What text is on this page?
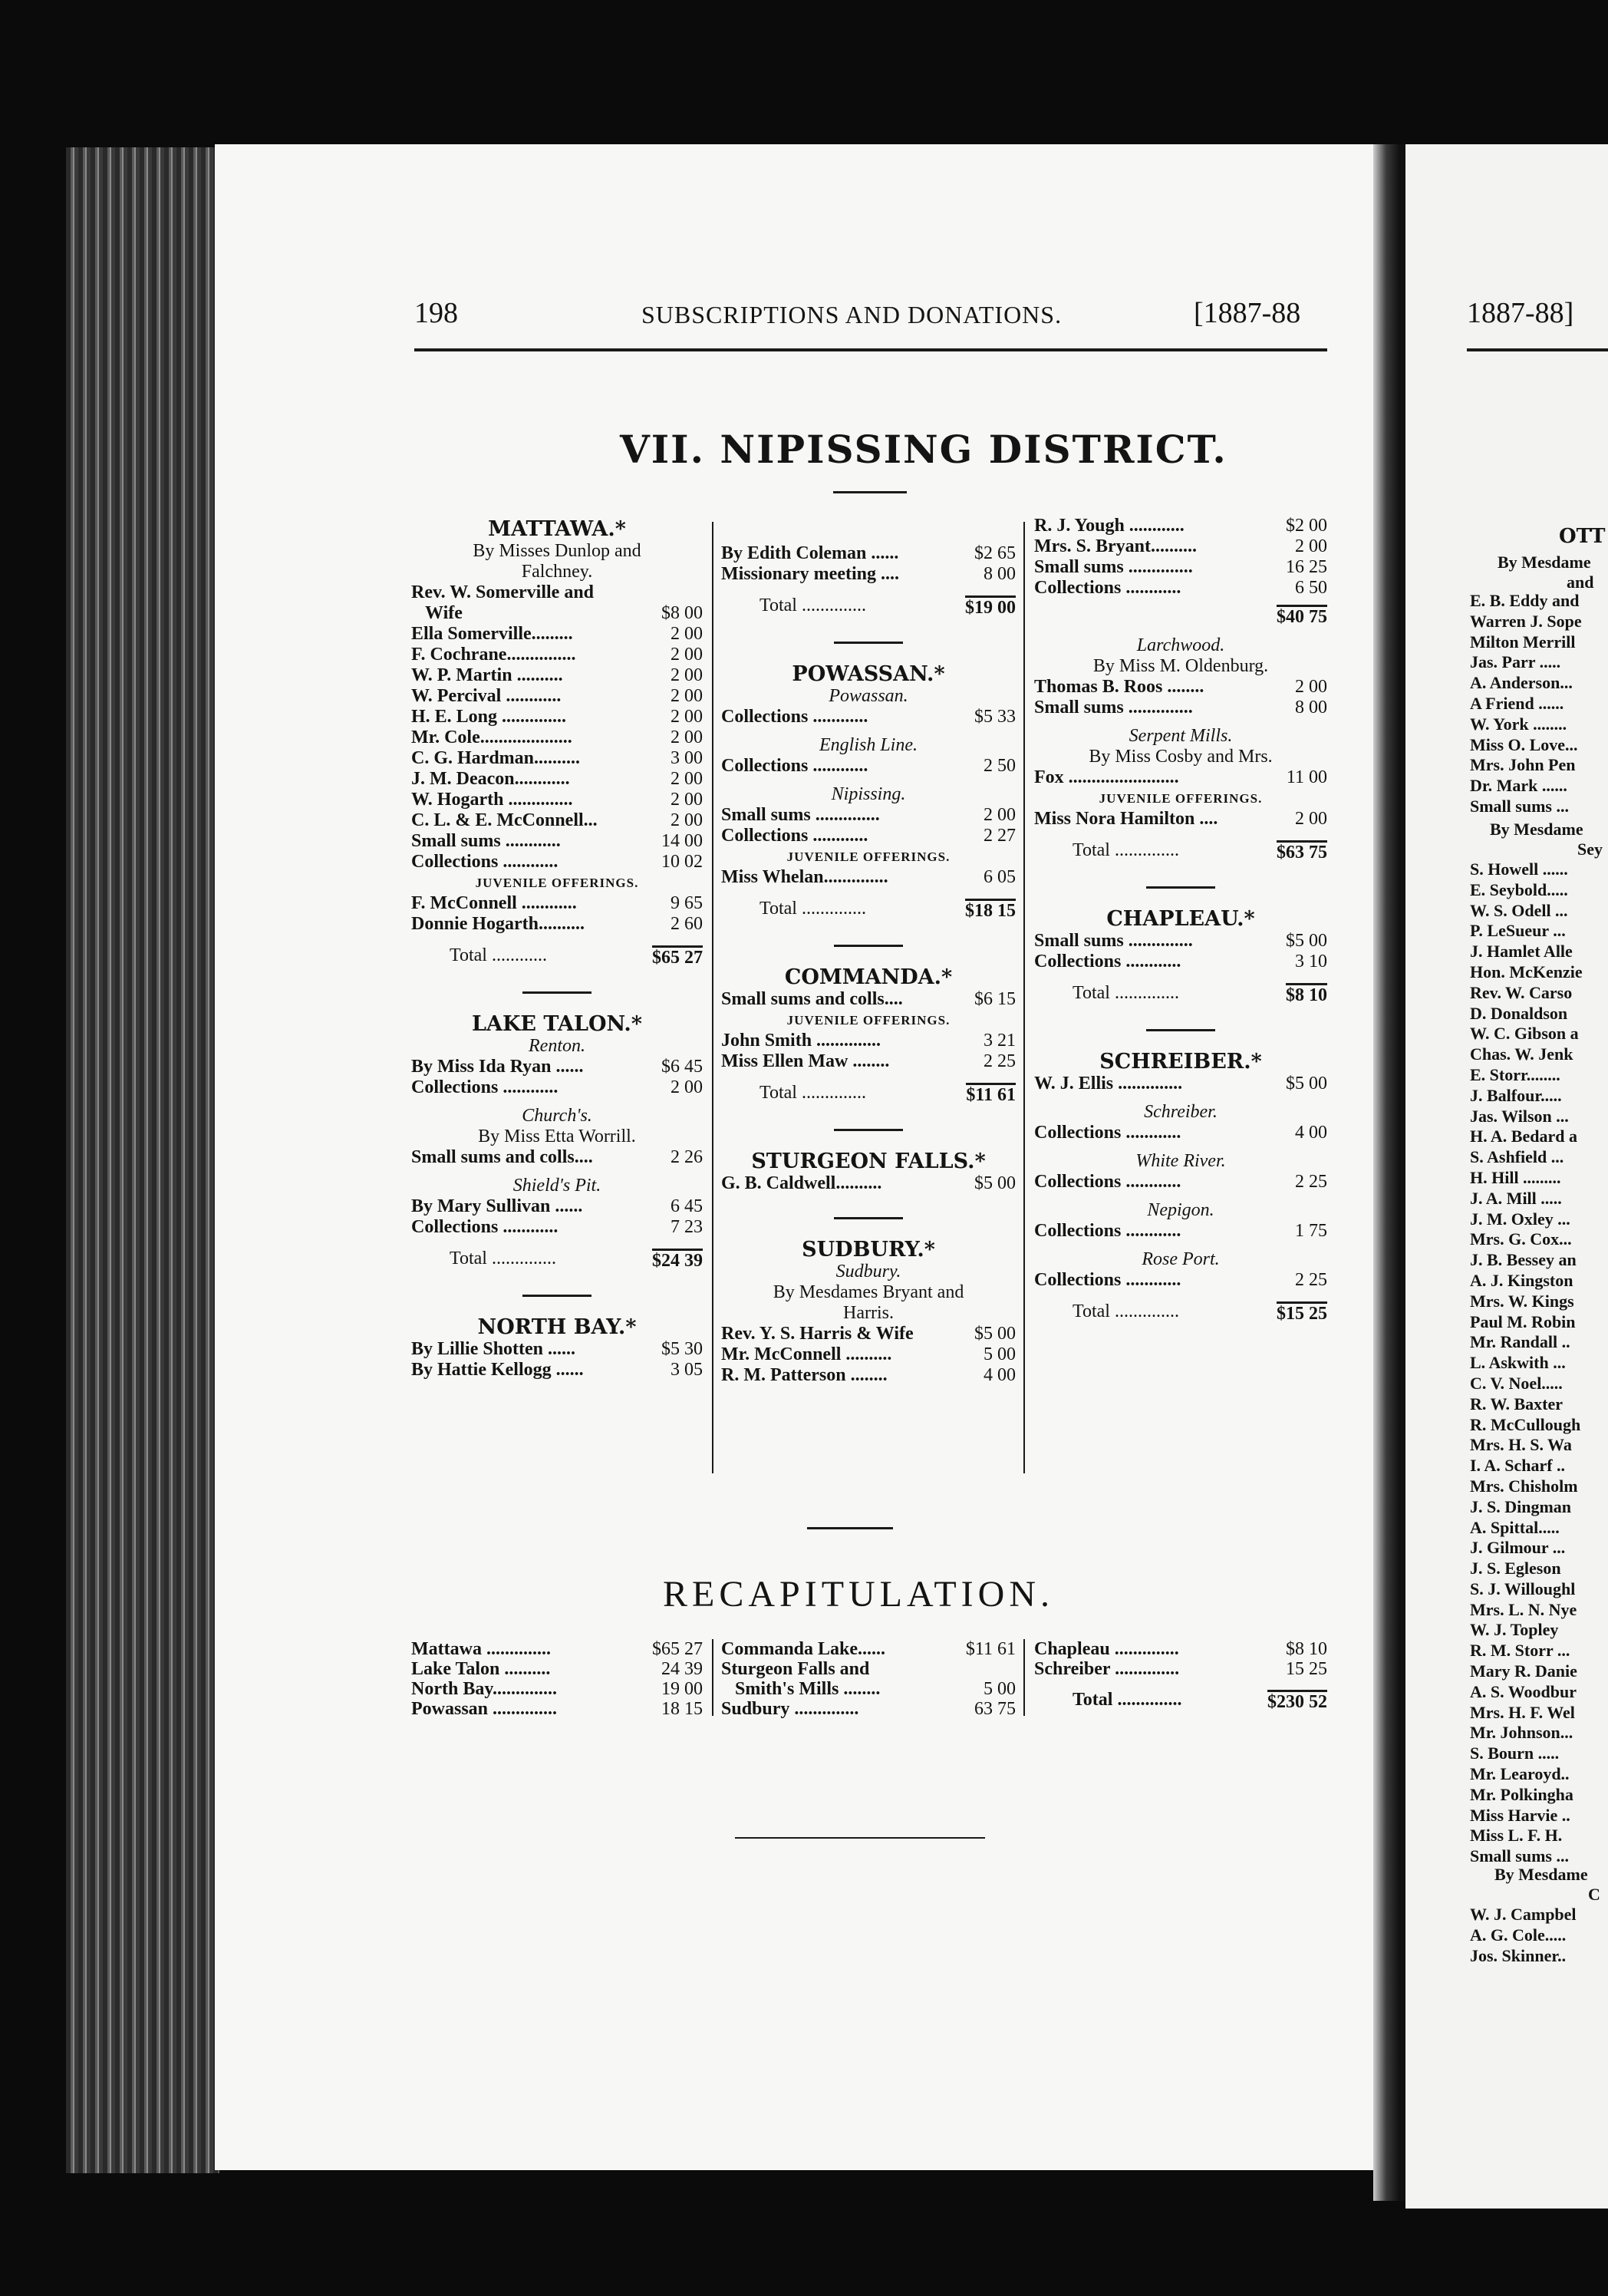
198	SUBSCRIPTIONS AND DONATIONS.	[1887-88
VII. NIPISSING DISTRICT.
MATTAWA.*
By Misses Dunlop and
Falchney.
Rev. W. Somerville and
Wife	$8 00
Ella Somerville.........	2 00
F. Cochrane...............	2 00
W. P. Martin ..........	2 00
W. Percival ............	2 00
H. E. Long ..............	2 00
Mr. Cole....................	2 00
C. G. Hardman..........	3 00
J. M. Deacon............	2 00
W. Hogarth ..............	2 00
C. L. & E. McConnell...	2 00
Small sums ............	14 00
Collections ............	10 02
JUVENILE OFFERINGS.
F. McConnell ............	9 65
Donnie Hogarth..........	2 60
Total ............	$65 27
LAKE TALON.*
Renton.
By Miss Ida Ryan ......	$6 45
Collections ............	2 00
Church's.
By Miss Etta Worrill.
Small sums and colls....	2 26
Shield's Pit.
By Mary Sullivan ......	6 45
Collections ............	7 23
Total ..............	$24 39
NORTH BAY.*
By Lillie Shotten ......	$5 30
By Hattie Kellogg ......	3 05
By Edith Coleman ......	$2 65
Missionary meeting ....	8 00
Total ..............	$19 00
POWASSAN.*
Powassan.
Collections ............	$5 33
English Line.
Collections ............	2 50
Nipissing.
Small sums ..............	2 00
Collections ............	2 27
JUVENILE OFFERINGS.
Miss Whelan..............	6 05
Total ..............	$18 15
COMMANDA.*
Small sums and colls....	$6 15
JUVENILE OFFERINGS.
John Smith ..............	3 21
Miss Ellen Maw ........	2 25
Total ..............	$11 61
STURGEON FALLS.*
G. B. Caldwell..........	$5 00
SUDBURY.*
Sudbury.
By Mesdames Bryant and
Harris.
Rev. Y. S. Harris & Wife	$5 00
Mr. McConnell ..........	5 00
R. M. Patterson ........	4 00
R. J. Yough ............	$2 00
Mrs. S. Bryant..........	2 00
Small sums ..............	16 25
Collections ............	6 50
$40 75
Larchwood.
By Miss M. Oldenburg.
Thomas B. Roos ........	2 00
Small sums ..............	8 00
Serpent Mills.
By Miss Cosby and Mrs.
Fox ........................	11 00
JUVENILE OFFERINGS.
Miss Nora Hamilton ....	2 00
Total ..............	$63 75
CHAPLEAU.*
Small sums ..............	$5 00
Collections ............	3 10
Total ..............	$8 10
SCHREIBER.*
W. J. Ellis ..............	$5 00
Schreiber.
Collections ............	4 00
White River.
Collections ............	2 25
Nepigon.
Collections ............	1 75
Rose Port.
Collections ............	2 25
Total ..............	$15 25
RECAPITULATION.
Mattawa ..............	$65 27
Lake Talon ..........	24 39
North Bay..............	19 00
Powassan ..............	18 15
Commanda Lake......	$11 61
Sturgeon Falls and
Smith's Mills ........	5 00
Sudbury ..............	63 75
Chapleau ..............	$8 10
Schreiber ..............	15 25
Total ..............	$230 52
1887-88]
OTT
By Mesdame
and
E. B. Eddy and
Warren J. Sope
Milton Merrill
Jas. Parr .....
A. Anderson...
A Friend ......
W. York ........
Miss O. Love...
Mrs. John Pen
Dr. Mark ......
Small sums ...
By Mesdame
Sey
S. Howell ......
E. Seybold.....
W. S. Odell ...
P. LeSueur ...
J. Hamlet Alle
Hon. McKenzie
Rev. W. Carso
D. Donaldson
W. C. Gibson a
Chas. W. Jenk
E. Storr........
J. Balfour.....
Jas. Wilson ...
H. A. Bedard a
S. Ashfield ...
H. Hill .........
J. A. Mill .....
J. M. Oxley ...
Mrs. G. Cox...
J. B. Bessey an
A. J. Kingston
Mrs. W. Kings
Paul M. Robin
Mr. Randall ..
L. Askwith ...
C. V. Noel.....
R. W. Baxter
R. McCullough
Mrs. H. S. Wa
I. A. Scharf ..
Mrs. Chisholm
J. S. Dingman
A. Spittal.....
J. Gilmour ...
J. S. Egleson
S. J. Willoughl
Mrs. L. N. Nye
W. J. Topley
R. M. Storr ...
Mary R. Danie
A. S. Woodbur
Mrs. H. F. Wel
Mr. Johnson...
S. Bourn .....
Mr. Learoyd..
Mr. Polkingha
Miss Harvie ..
Miss L. F. H.
Small sums ...
By Mesdame
C
W. J. Campbel
A. G. Cole.....
Jos. Skinner..
